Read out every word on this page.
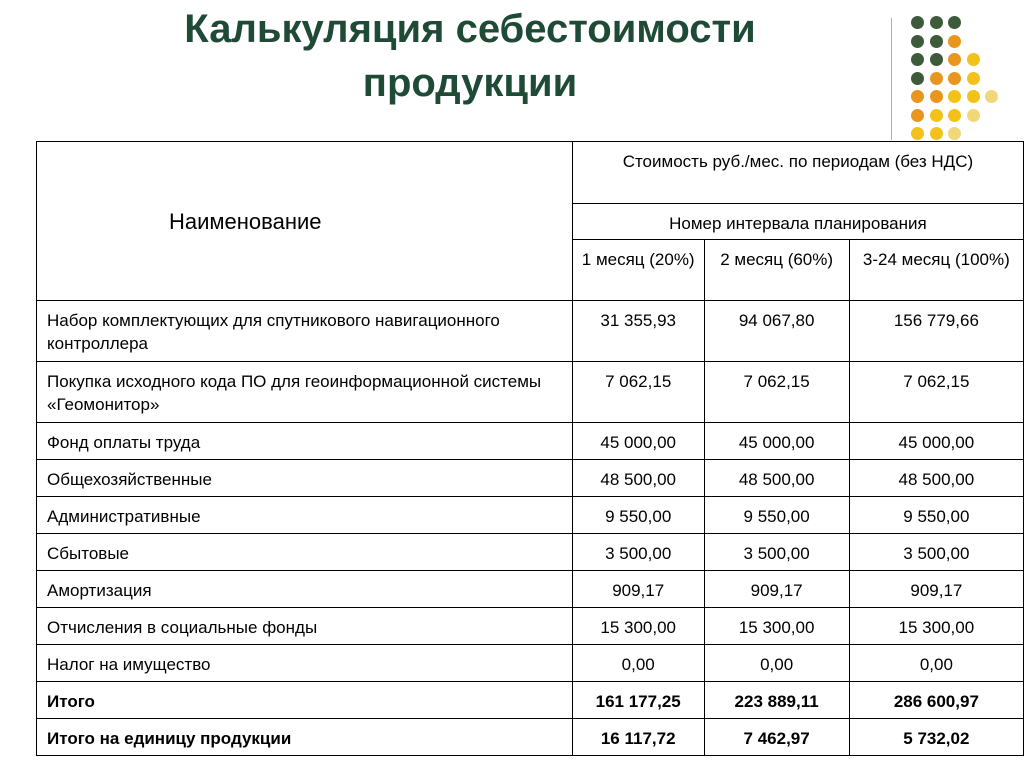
Калькуляция себестоимости
продукции
Наименование	Стоимость руб./мес. по периодам (без НДС)		
	Номер интервала планирования		
	1 месяц (20%)	2 месяц (60%)	3-24 месяц (100%)
Набор комплектующих для спутникового навигационного контроллера	31 355,93	94 067,80	156 779,66
Покупка исходного кода ПО для геоинформационной системы «Геомонитор»	7 062,15	7 062,15	7 062,15
Фонд оплаты труда	45 000,00	45 000,00	45 000,00
Общехозяйственные	48 500,00	48 500,00	48 500,00
Административные	9 550,00	9 550,00	9 550,00
Сбытовые	3 500,00	3 500,00	3 500,00
Амортизация	909,17	909,17	909,17
Отчисления в социальные фонды	15 300,00	15 300,00	15 300,00
Налог на имущество	0,00	0,00	0,00
Итого	161 177,25	223 889,11	286 600,97
Итого на единицу продукции	16 117,72	7 462,97	5 732,02
